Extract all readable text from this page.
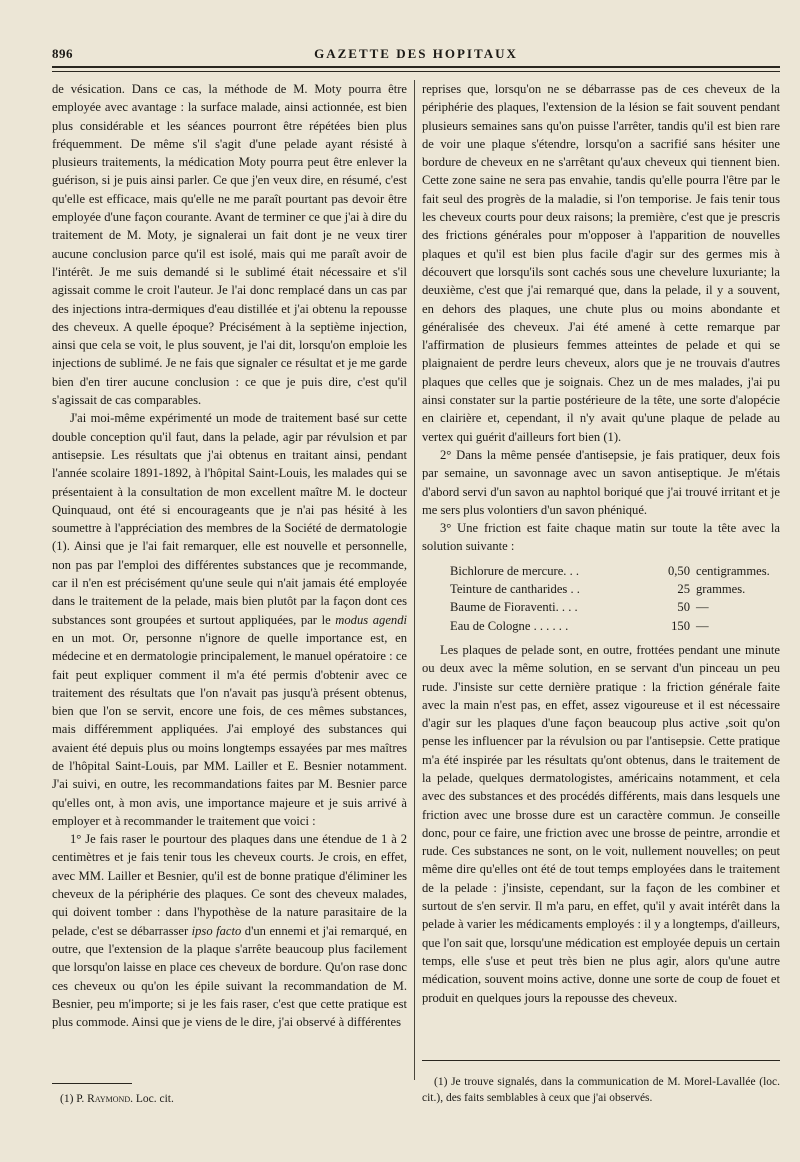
896	GAZETTE DES HOPITAUX

de vésication. Dans ce cas, la méthode de M. Moty pourra être employée avec avantage : la surface malade, ainsi actionnée, est bien plus considérable et les séances pourront être répétées bien plus fréquemment. De même s'il s'agit d'une pelade ayant résisté à plusieurs traitements, la médication Moty pourra peut être enlever la guérison, si je puis ainsi parler. Ce que j'en veux dire, en résumé, c'est qu'elle est efficace, mais qu'elle ne me paraît pourtant pas devoir être employée d'une façon courante. Avant de terminer ce que j'ai à dire du traitement de M. Moty, je signalerai un fait dont je ne veux tirer aucune conclusion parce qu'il est isolé, mais qui me paraît avoir de l'intérêt. Je me suis demandé si le sublimé était nécessaire et s'il agissait comme le croit l'auteur. Je l'ai donc remplacé dans un cas par des injections intra-dermiques d'eau distillée et j'ai obtenu la repousse des cheveux. A quelle époque? Précisément à la septième injection, ainsi que cela se voit, le plus souvent, je l'ai dit, lorsqu'on emploie les injections de sublimé. Je ne fais que signaler ce résultat et je me garde bien d'en tirer aucune conclusion : ce que je puis dire, c'est qu'il s'agissait de cas comparables.

J'ai moi-même expérimenté un mode de traitement basé sur cette double conception qu'il faut, dans la pelade, agir par révulsion et par antisepsie. Les résultats que j'ai obtenus en traitant ainsi, pendant l'année scolaire 1891-1892, à l'hôpital Saint-Louis, les malades qui se présentaient à la consultation de mon excellent maître M. le docteur Quinquaud, ont été si encourageants que je n'ai pas hésité à les soumettre à l'appréciation des membres de la Société de dermatologie (1). Ainsi que je l'ai fait remarquer, elle est nouvelle et personnelle, non pas par l'emploi des différentes substances que je recommande, car il n'en est précisément qu'une seule qui n'ait jamais été employée dans le traitement de la pelade, mais bien plutôt par la façon dont ces substances sont groupées et surtout appliquées, par le modus agendi en un mot. Or, personne n'ignore de quelle importance est, en médecine et en dermatologie principalement, le manuel opératoire : ce fait peut expliquer comment il m'a été permis d'obtenir avec ce traitement des résultats que l'on n'avait pas jusqu'à présent obtenus, bien que l'on se servit, encore une fois, de ces mêmes substances, mais différemment appliquées. J'ai employé des substances qui avaient été depuis plus ou moins longtemps essayées par mes maîtres de l'hôpital Saint-Louis, par MM. Lailler et E. Besnier notamment. J'ai suivi, en outre, les recommandations faites par M. Besnier parce qu'elles ont, à mon avis, une importance majeure et je suis arrivé à employer et à recommander le traitement que voici :

1° Je fais raser le pourtour des plaques dans une étendue de 1 à 2 centimètres et je fais tenir tous les cheveux courts. Je crois, en effet, avec MM. Lailler et Besnier, qu'il est de bonne pratique d'éliminer les cheveux de la périphérie des plaques. Ce sont des cheveux malades, qui doivent tomber : dans l'hypothèse de la nature parasitaire de la pelade, c'est se débarrasser ipso facto d'un ennemi et j'ai remarqué, en outre, que l'extension de la plaque s'arrête beaucoup plus facilement que lorsqu'on laisse en place ces cheveux de bordure. Qu'on rase donc ces cheveux ou qu'on les épile suivant la recommandation de M. Besnier, peu m'importe; si je les fais raser, c'est que cette pratique est plus commode. Ainsi que je viens de le dire, j'ai observé à différentes

reprises que, lorsqu'on ne se débarrasse pas de ces cheveux de la périphérie des plaques, l'extension de la lésion se fait souvent pendant plusieurs semaines sans qu'on puisse l'arrêter, tandis qu'il est bien rare de voir une plaque s'étendre, lorsqu'on a sacrifié sans hésiter une bordure de cheveux en ne s'arrêtant qu'aux cheveux qui tiennent bien. Cette zone saine ne sera pas envahie, tandis qu'elle pourra l'être par le fait seul des progrès de la maladie, si l'on temporise. Je fais tenir tous les cheveux courts pour deux raisons; la première, c'est que je prescris des frictions générales pour m'opposer à l'apparition de nouvelles plaques et qu'il est bien plus facile d'agir sur des germes mis à découvert que lorsqu'ils sont cachés sous une chevelure luxuriante; la deuxième, c'est que j'ai remarqué que, dans la pelade, il y a souvent, en dehors des plaques, une chute plus ou moins abondante et généralisée des cheveux. J'ai été amené à cette remarque par l'affirmation de plusieurs femmes atteintes de pelade et qui se plaignaient de perdre leurs cheveux, alors que je ne trouvais d'autres plaques que celles que je soignais. Chez un de mes malades, j'ai pu ainsi constater sur la partie postérieure de la tête, une sorte d'alopécie en clairière et, cependant, il n'y avait qu'une plaque de pelade au vertex qui guérit d'ailleurs fort bien (1).

2° Dans la même pensée d'antisepsie, je fais pratiquer, deux fois par semaine, un savonnage avec un savon antiseptique. Je m'étais d'abord servi d'un savon au naphtol boriqué que j'ai trouvé irritant et je me sers plus volontiers d'un savon phéniqué.

3° Une friction est faite chaque matin sur toute la tête avec la solution suivante :

Bichlorure de mercure. . .	0,50 centigrammes.
Teinture de cantharides . .	25 grammes.
Baume de Fioraventi. . . .	50 —
Eau de Cologne . . . . . .	150 —

Les plaques de pelade sont, en outre, frottées pendant une minute ou deux avec la même solution, en se servant d'un pinceau un peu rude. J'insiste sur cette dernière pratique : la friction générale faite avec la main n'est pas, en effet, assez vigoureuse et il est nécessaire d'agir sur les plaques d'une façon beaucoup plus active ,soit qu'on pense les influencer par la révulsion ou par l'antisepsie. Cette pratique m'a été inspirée par les résultats qu'ont obtenus, dans le traitement de la pelade, quelques dermatologistes, américains notamment, et cela avec des substances et des procédés différents, mais dans lesquels une friction avec une brosse dure est un caractère commun. Je conseille donc, pour ce faire, une friction avec une brosse de peintre, arrondie et rude. Ces substances ne sont, on le voit, nullement nouvelles; on peut même dire qu'elles ont été de tout temps employées dans le traitement de la pelade : j'insiste, cependant, sur la façon de les combiner et surtout de s'en servir. Il m'a paru, en effet, qu'il y avait intérêt dans la pelade à varier les médicaments employés : il y a longtemps, d'ailleurs, que l'on sait que, lorsqu'une médication est employée depuis un certain temps, elle s'use et peut très bien ne plus agir, alors qu'une autre médication, souvent moins active, donne une sorte de coup de fouet et produit en quelques jours la repousse des cheveux.

(1) P. Raymond. Loc. cit.

(1) Je trouve signalés, dans la communication de M. Morel-Lavallée (loc. cit.), des faits semblables à ceux que j'ai observés.
